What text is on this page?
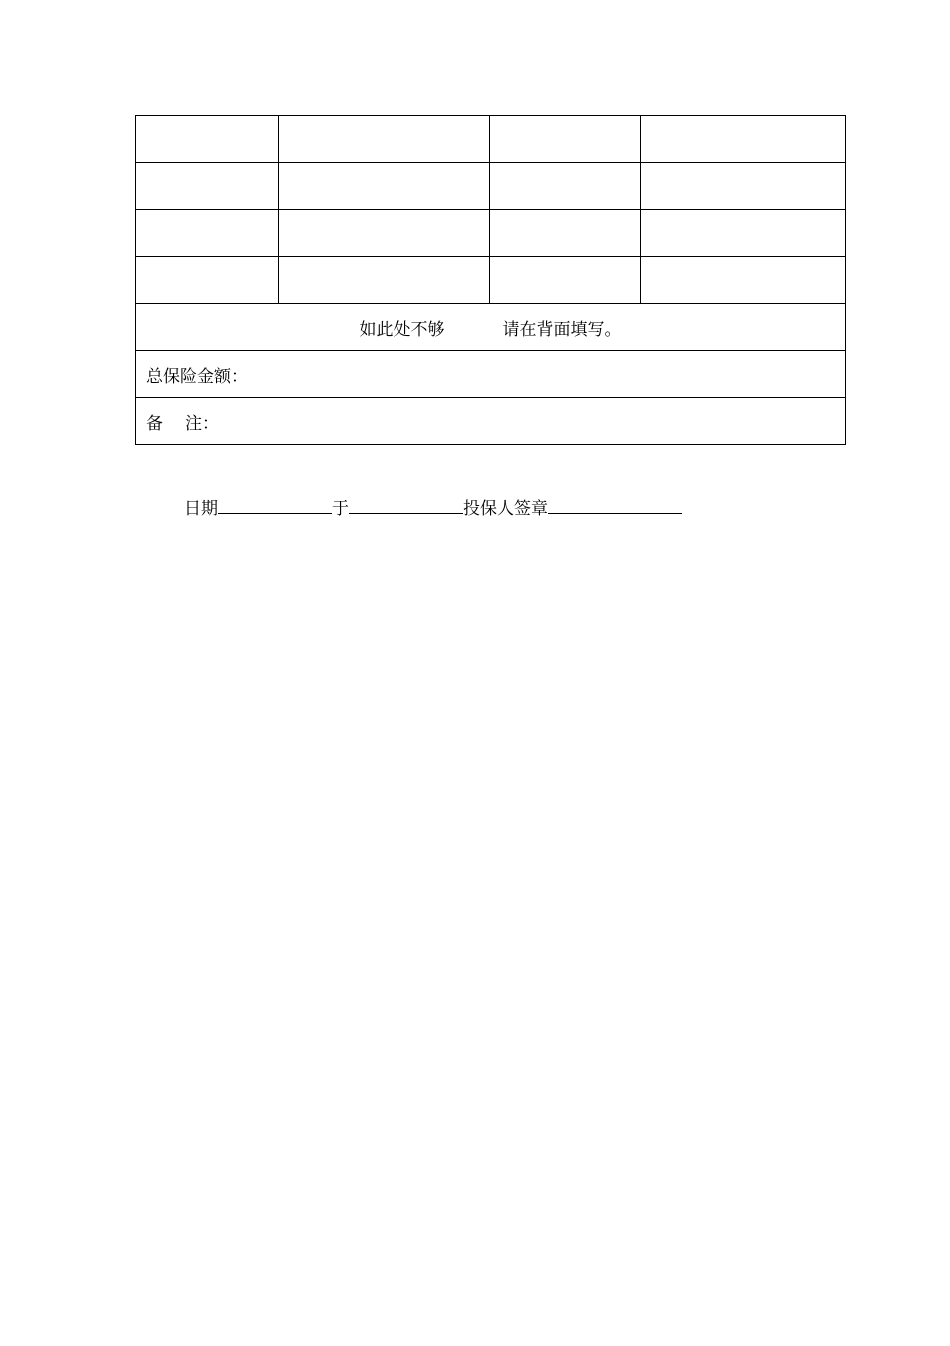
如此处不够 请在背面填写。			
总保险金额：			
备 注：			
日期	于	投保人签章
